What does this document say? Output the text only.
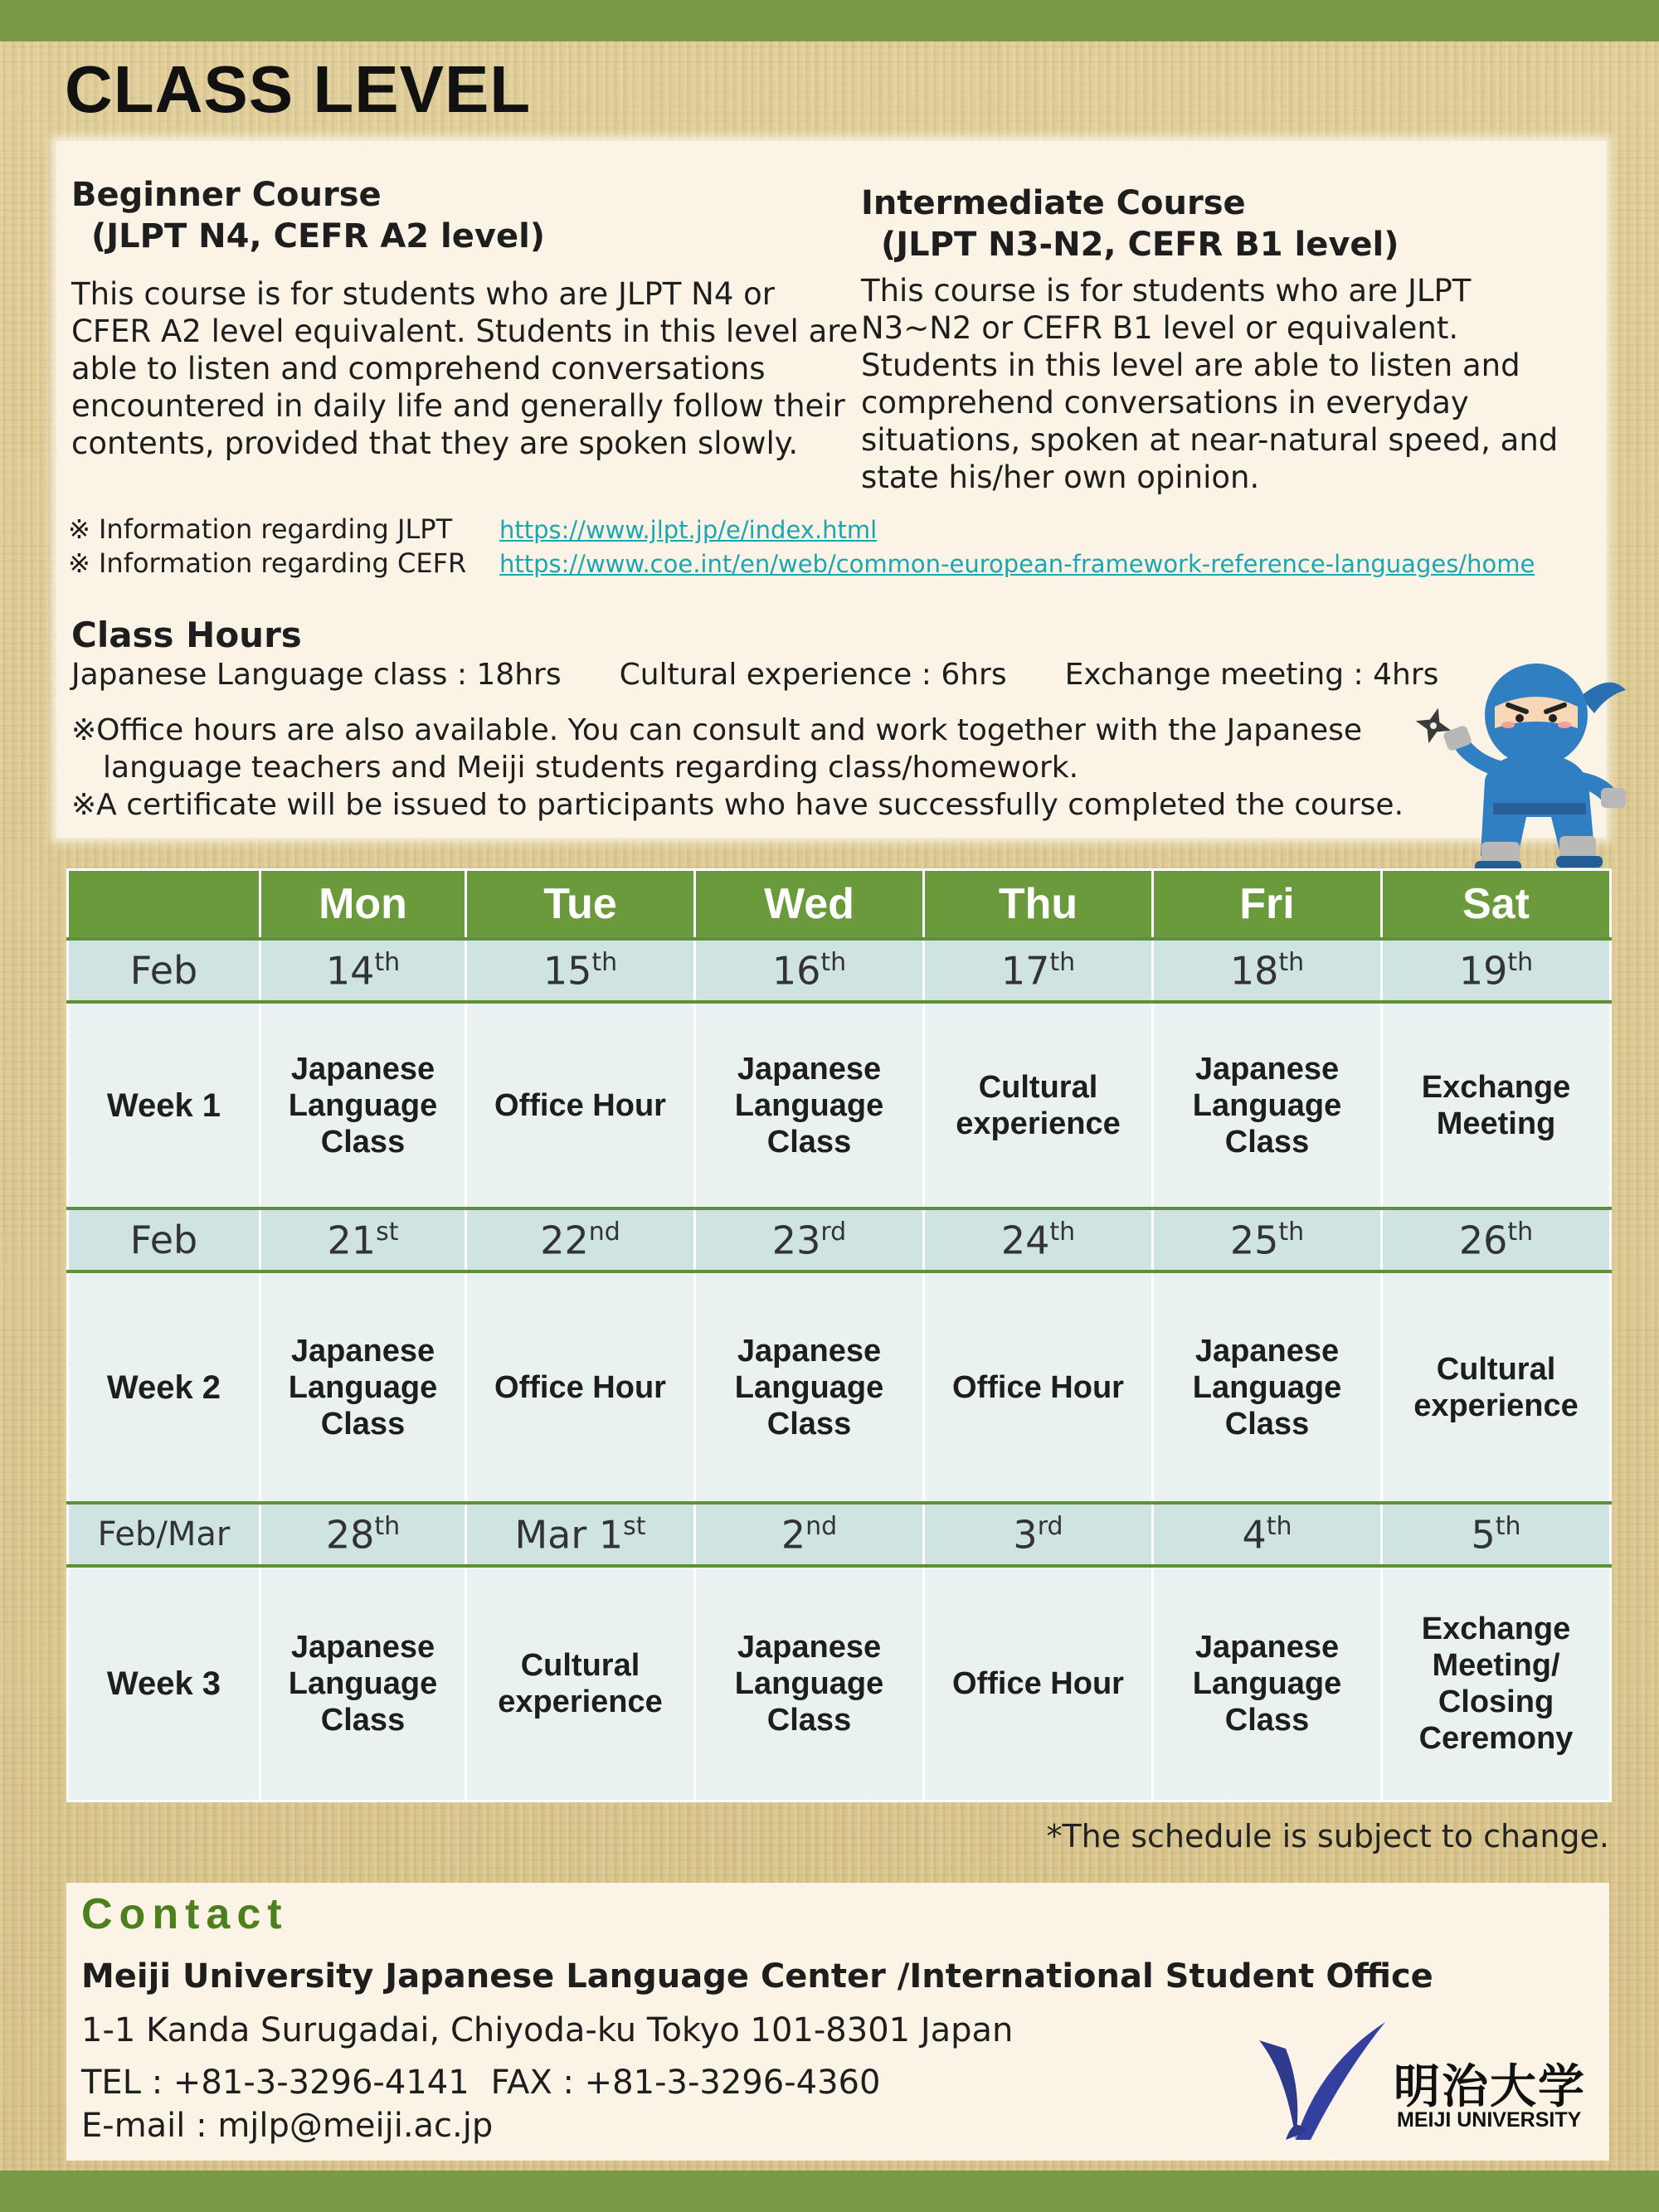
CLASS LEVEL
Beginner Course
(JLPT N4, CEFR A2 level)
This course is for students who are JLPT N4 or CFER A2 level equivalent. Students in this level are able to listen and comprehend conversations encountered in daily life and generally follow their contents, provided that they are spoken slowly.
Intermediate Course
(JLPT N3-N2, CEFR B1 level)
This course is for students who are JLPT N3~N2 or CEFR B1 level or equivalent. Students in this level are able to listen and comprehend conversations in everyday situations, spoken at near-natural speed, and state his/her own opinion.
※ Information regarding JLPT https://www.jlpt.jp/e/index.html
※ Information regarding CEFR https://www.coe.int/en/web/common-european-framework-reference-languages/home
Class Hours
Japanese Language class : 18hrs Cultural experience : 6hrs Exchange meeting : 4hrs
※Office hours are also available. You can consult and work together with the Japanese
language teachers and Meiji students regarding class/homework.
※A certificate will be issued to participants who have successfully completed the course.
	Mon	Tue	Wed	Thu	Fri	Sat
Feb	14th	15th	16th	17th	18th	19th
Week 1	Japanese Language Class	Office Hour	Japanese Language Class	Cultural experience	Japanese Language Class	Exchange Meeting
Feb	21st	22nd	23rd	24th	25th	26th
Week 2	Japanese Language Class	Office Hour	Japanese Language Class	Office Hour	Japanese Language Class	Cultural experience
Feb/Mar	28th	Mar 1st	2nd	3rd	4th	5th
Week 3	Japanese Language Class	Cultural experience	Japanese Language Class	Office Hour	Japanese Language Class	Exchange Meeting/ Closing Ceremony
*The schedule is subject to change.
Contact
Meiji University Japanese Language Center /International Student Office
1-1 Kanda Surugadai, Chiyoda-ku Tokyo 101-8301 Japan
TEL : +81-3-3296-4141 FAX : +81-3-3296-4360
E-mail : mjlp@meiji.ac.jp
明治大学
MEIJI UNIVERSITY
